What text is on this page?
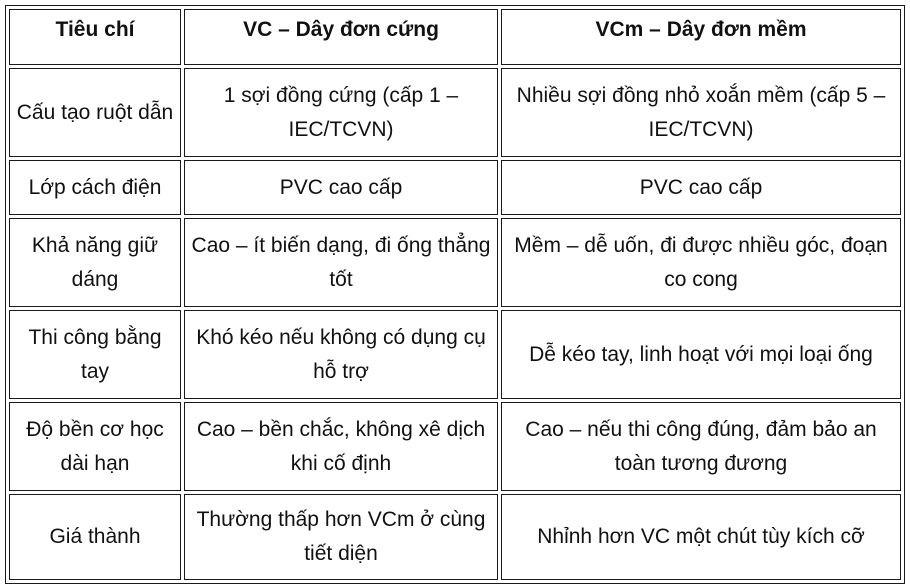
Tiêu chí	VC – Dây đơn cứng	VCm – Dây đơn mềm
Cấu tạo ruột dẫn	1 sợi đồng cứng (cấp 1 – IEC/TCVN)	Nhiều sợi đồng nhỏ xoắn mềm (cấp 5 – IEC/TCVN)
Lớp cách điện	PVC cao cấp	PVC cao cấp
Khả năng giữ dáng	Cao – ít biến dạng, đi ống thẳng tốt	Mềm – dễ uốn, đi được nhiều góc, đoạn co cong
Thi công bằng tay	Khó kéo nếu không có dụng cụ hỗ trợ	Dễ kéo tay, linh hoạt với mọi loại ống
Độ bền cơ học dài hạn	Cao – bền chắc, không xê dịch khi cố định	Cao – nếu thi công đúng, đảm bảo an toàn tương đương
Giá thành	Thường thấp hơn VCm ở cùng tiết diện	Nhỉnh hơn VC một chút tùy kích cỡ
